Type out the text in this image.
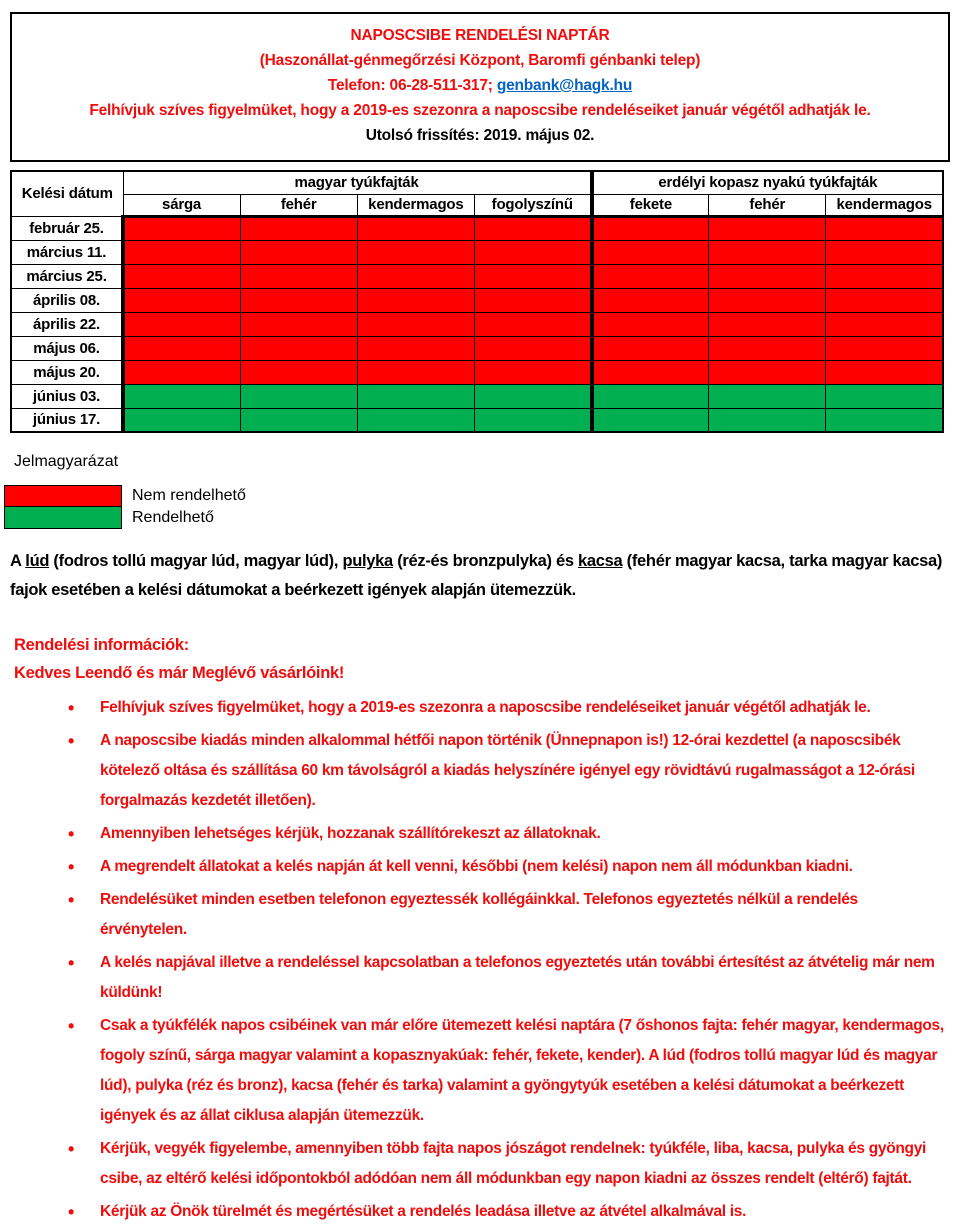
NAPOSCSIBE RENDELÉSI NAPTÁR

(Haszonállat-génmegőrzési Központ, Baromfi génbanki telep)

Telefon: 06-28-511-317; genbank@hagk.hu

Felhívjuk szíves figyelmüket, hogy a 2019-es szezonra a naposcsibe rendeléseiket január végétől adhatják le.

Utolsó frissítés: 2019. május 02.

Kelési dátum	magyar tyúkfajták				erdélyi kopasz nyakú tyúkfajták		
	sárga	fehér	kendermagos	fogolyszínű	fekete	fehér	kendermagos
február 25.							
március 11.							
március 25.							
április 08.							
április 22.							
május 06.							
május 20.							
június 03.							
június 17.							
Jelmagyarázat
Nem rendelhető
Rendelhető

A lúd (fodros tollú magyar lúd, magyar lúd), pulyka (réz-és bronzpulyka) és kacsa (fehér magyar kacsa, tarka magyar kacsa) fajok esetében a kelési dátumokat a beérkezett igények alapján ütemezzük.

Rendelési információk:

Kedves Leendő és már Meglévő vásárlóink!

• Felhívjuk szíves figyelmüket, hogy a 2019-es szezonra a naposcsibe rendeléseiket január végétől adhatják le.
• A naposcsibe kiadás minden alkalommal hétfői napon történik (Ünnepnapon is!) 12-órai kezdettel (a naposcsibék kötelező oltása és szállítása 60 km távolságról a kiadás helyszínére igényel egy rövidtávú rugalmasságot a 12-órási forgalmazás kezdetét illetően).
• Amennyiben lehetséges kérjük, hozzanak szállítórekeszt az állatoknak.
• A megrendelt állatokat a kelés napján át kell venni, későbbi (nem kelési) napon nem áll módunkban kiadni.
• Rendelésüket minden esetben telefonon egyeztessék kollégáinkkal. Telefonos egyeztetés nélkül a rendelés érvénytelen.
• A kelés napjával illetve a rendeléssel kapcsolatban a telefonos egyeztetés után további értesítést az átvételig már nem küldünk!
• Csak a tyúkfélék napos csibéinek van már előre ütemezett kelési naptára (7 őshonos fajta: fehér magyar, kendermagos, fogoly színű, sárga magyar valamint a kopasznyakúak: fehér, fekete, kender). A lúd (fodros tollú magyar lúd és magyar lúd), pulyka (réz és bronz), kacsa (fehér és tarka) valamint a gyöngytyúk esetében a kelési dátumokat a beérkezett igények és az állat ciklusa alapján ütemezzük.
• Kérjük, vegyék figyelembe, amennyiben több fajta napos jószágot rendelnek: tyúkféle, liba, kacsa, pulyka és gyöngyi csibe, az eltérő kelési időpontokból adódóan nem áll módunkban egy napon kiadni az összes rendelt (eltérő) fajtát.
• Kérjük az Önök türelmét és megértésüket a rendelés leadása illetve az átvétel alkalmával is.
